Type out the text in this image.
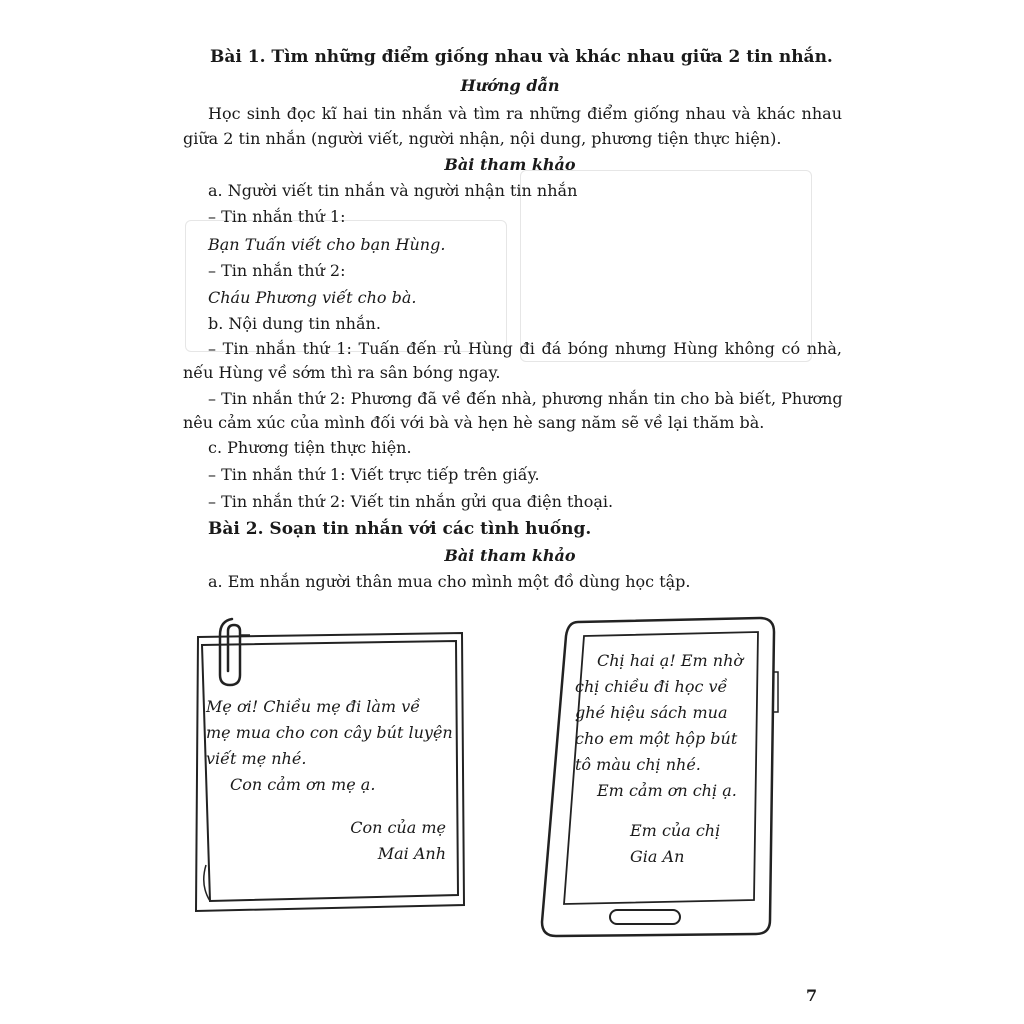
Bài 1. Tìm những điểm giống nhau và khác nhau giữa 2 tin nhắn.
Hướng dẫn
Học sinh đọc kĩ hai tin nhắn và tìm ra những điểm giống nhau và khác nhau
giữa 2 tin nhắn (người viết, người nhận, nội dung, phương tiện thực hiện).
Bài tham khảo
a. Người viết tin nhắn và người nhận tin nhắn
– Tin nhắn thứ 1:
Bạn Tuấn viết cho bạn Hùng.
– Tin nhắn thứ 2:
Cháu Phương viết cho bà.
b. Nội dung tin nhắn.
– Tin nhắn thứ 1: Tuấn đến rủ Hùng đi đá bóng nhưng Hùng không có nhà,
nếu Hùng về sớm thì ra sân bóng ngay.
– Tin nhắn thứ 2: Phương đã về đến nhà, phương nhắn tin cho bà biết, Phương
nêu cảm xúc của mình đối với bà và hẹn hè sang năm sẽ về lại thăm bà.
c. Phương tiện thực hiện.
– Tin nhắn thứ 1: Viết trực tiếp trên giấy.
– Tin nhắn thứ 2: Viết tin nhắn gửi qua điện thoại.
Bài 2. Soạn tin nhắn với các tình huống.
Bài tham khảo
a. Em nhắn người thân mua cho mình một đồ dùng học tập.
Mẹ ơi! Chiều mẹ đi làm về
mẹ mua cho con cây bút luyện
viết mẹ nhé.
Con cảm ơn mẹ ạ.
Con của mẹ
Mai Anh
Chị hai ạ! Em nhờ
chị chiều đi học về
ghé hiệu sách mua
cho em một hộp bút
tô màu chị nhé.
Em cảm ơn chị ạ.
Em của chị
Gia An
7
